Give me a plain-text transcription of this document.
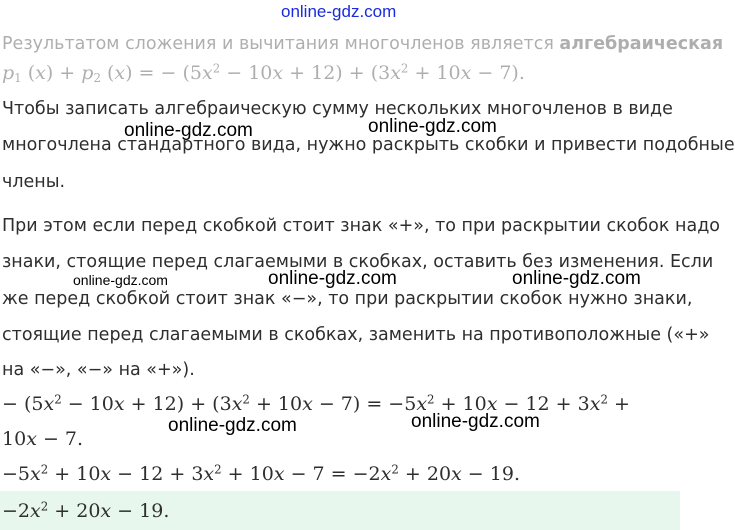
online-gdz.com
Результатом сложения и вычитания многочленов является алгебраическая
$p_1$ $(x) + p_2$ (x) = − $(5x^2 - 10x + 12) + (3x^2 + 10x - 7)$.
Чтобы записать алгебраическую сумму нескольких многочленов в виде
многочлена стандартного вида, нужно раскрыть скобки и привести подобные
члены.
При этом если перед скобкой стоит знак «+», то при раскрытии скобок надо
знаки, стоящие перед слагаемыми в скобках, оставить без изменения. Если
же перед скобкой стоит знак «−», то при раскрытии скобок нужно знаки,
стоящие перед слагаемыми в скобках, заменить на противоположные («+»
на «−», «−» на «+»).
− $(5x^2 - 10x + 12) + (3x^2 + 10x - 7) = -5x^2 + 10x - 12 + 3x^2$ +
10x − 7.
$-5x^2 + 10x - 12 + 3x^2 + 10x - 7 = -2x^2 + 20x - 19$.
$-2x^2 + 20x - 19$.
online-gdz.com	online-gdz.com
online-gdz.com	online-gdz.com	online-gdz.com
online-gdz.com	online-gdz.com
